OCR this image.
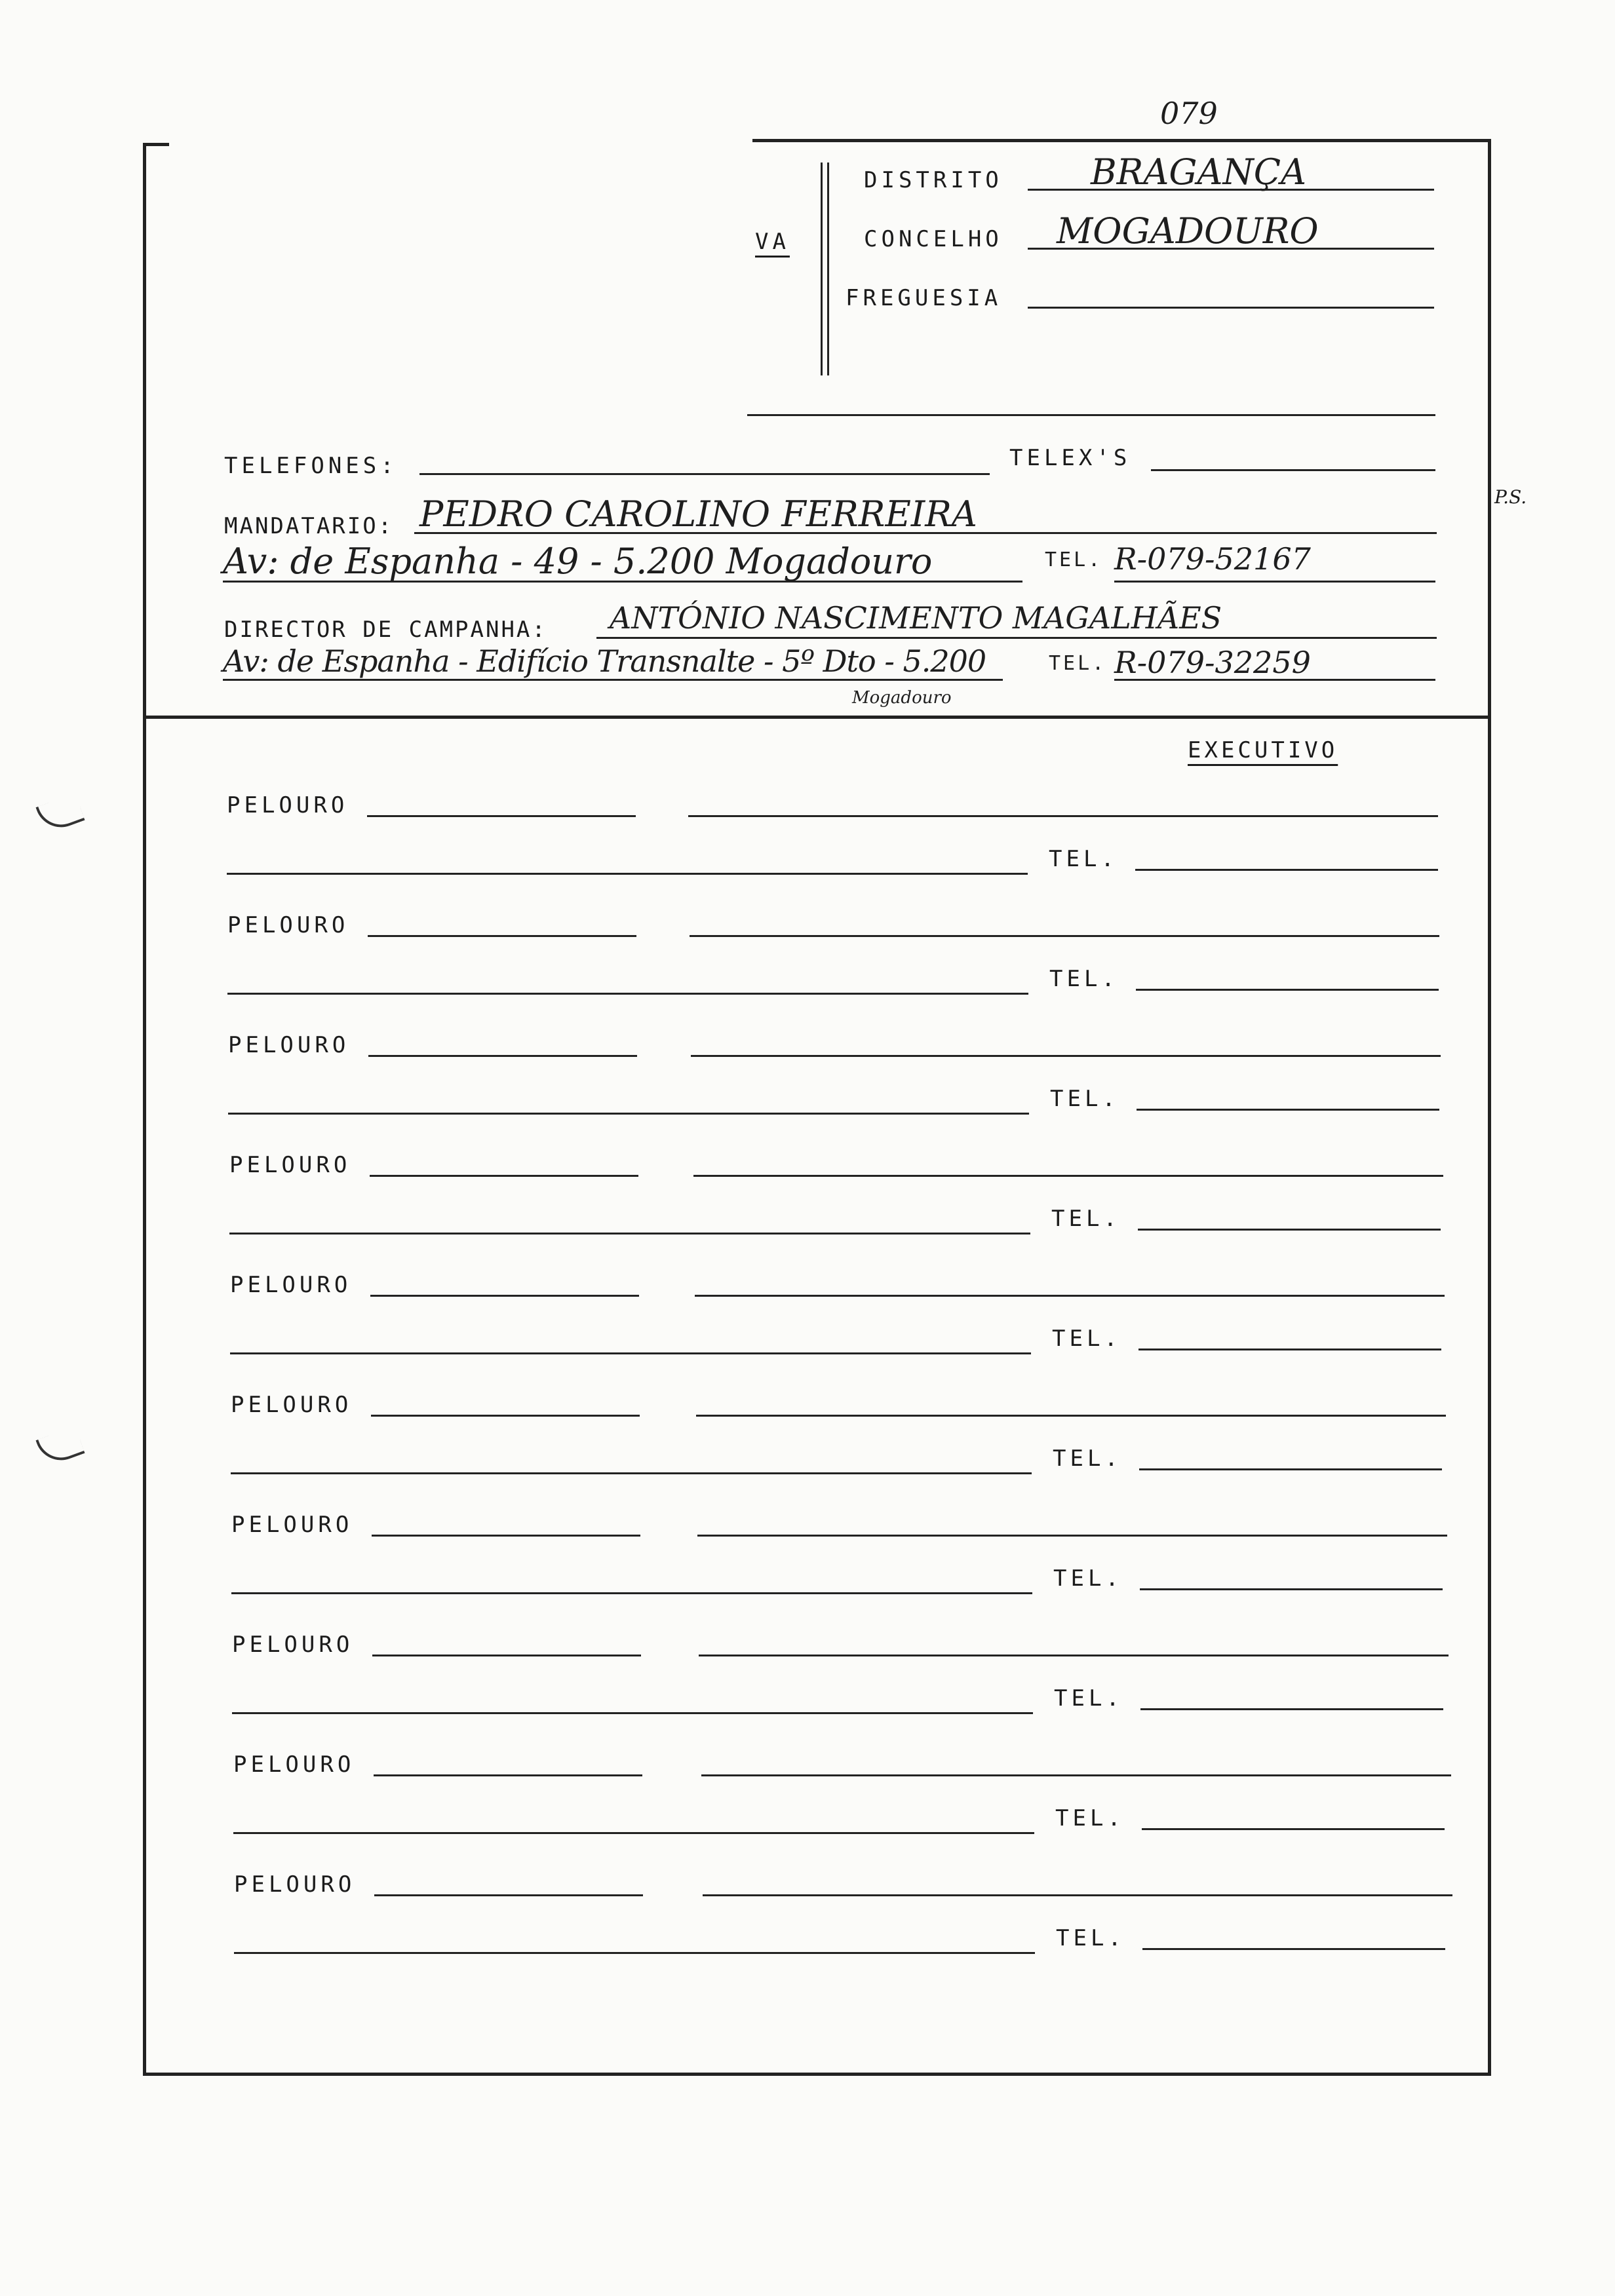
079
VA
DISTRITO BRAGANÇA
CONCELHO MOGADOURO
FREGUESIA
TELEFONES:	TELEX'S
P.S.
MANDATARIO: PEDRO CAROLINO FERREIRA
Av: de Espanha - 49 - 5.200 Mogadouro	TEL. R-079-52167
DIRECTOR DE CAMPANHA: ANTÓNIO NASCIMENTO MAGALHÃES
Av: de Espanha - Edifício Transnalte - 5º Dto - 5.200
Mogadouro
TEL. R-079-32259
EXECUTIVO
PELOURO
TEL.
PELOURO
TEL.
PELOURO
TEL.
PELOURO
TEL.
PELOURO
TEL.
PELOURO
TEL.
PELOURO
TEL.
PELOURO
TEL.
PELOURO
TEL.
PELOURO
TEL.
